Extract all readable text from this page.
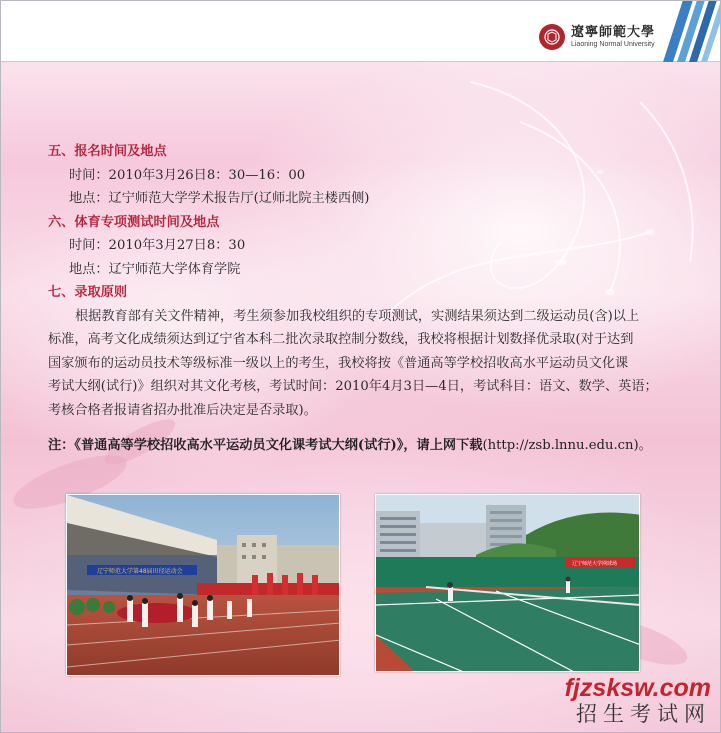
遼寧師範大學
Liaoning Normal University
五、报名时间及地点
时间：2010年3月26日8：30—16：00
地点：辽宁师范大学学术报告厅(辽师北院主楼西侧)
六、体育专项测试时间及地点
时间：2010年3月27日8：30
地点：辽宁师范大学体育学院
七、录取原则
根据教育部有关文件精神，考生须参加我校组织的专项测试，实测结果须达到二级运动员(含)以上
标准，高考文化成绩须达到辽宁省本科二批次录取控制分数线，我校将根据计划数择优录取(对于达到
国家颁布的运动员技术等级标准一级以上的考生，我校将按《普通高等学校招收高水平运动员文化课
考试大纲(试行)》组织对其文化考核，考试时间：2010年4月3日—4日，考试科目：语文、数学、英语；
考核合格者报请省招办批准后决定是否录取)。
注：《普通高等学校招收高水平运动员文化课考试大纲(试行)》，请上网下载(http://zsb.lnnu.edu.cn)。
辽宁师范大学第48届田径运动会
辽宁师范大学网球场
fjzsksw.com
招生考试网
